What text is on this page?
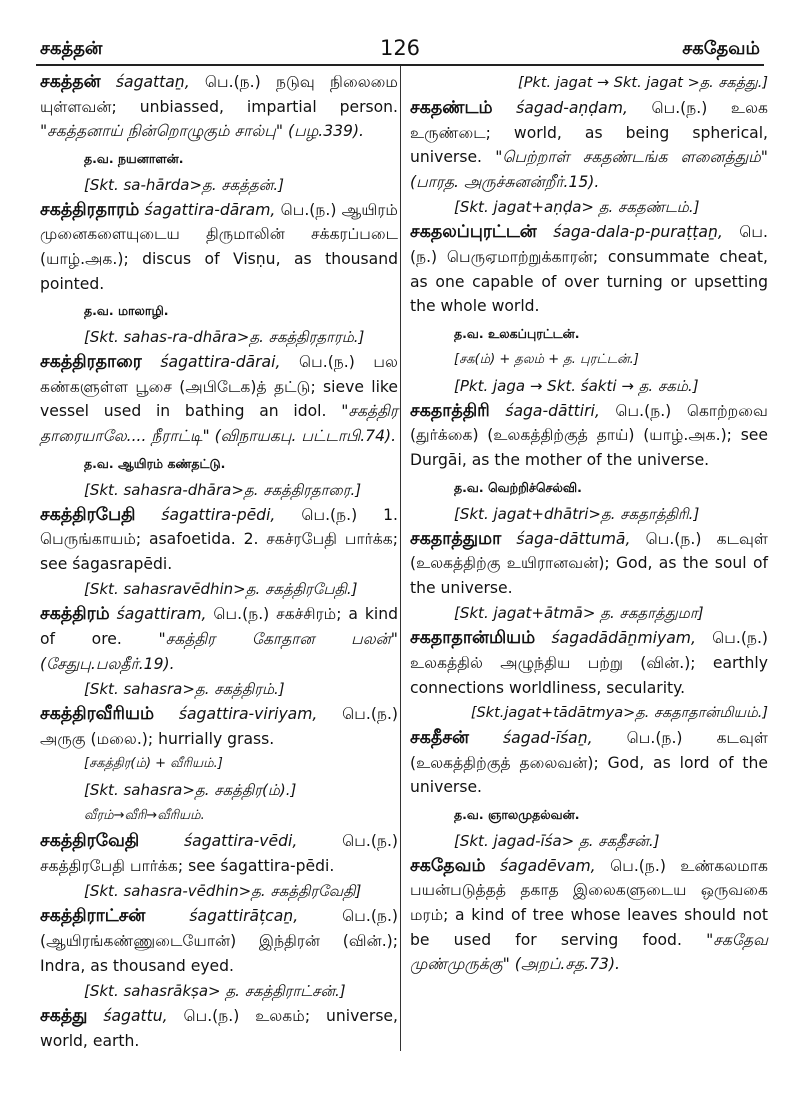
சகத்தன்	126	சகதேவம்

சகத்தன் śagattaṉ, பெ.(ந.) நடுவு நிலைமை யுள்ளவன்; unbiassed, impartial person. "சகத்தனாய் நின்றொழுகும் சால்பு" (பழ.339).

த.வ. நயனாளன்.
[Skt. sa-hārda>த. சகத்தன்.]

சகத்திரதாரம் śagattira-dāram, பெ.(ந.) ஆயிரம் முனைகளையுடைய திருமாலின் சக்கரப்படை (யாழ்.அக.); discus of Visṇu, as thousand pointed.

த.வ. மாலாழி.
[Skt. sahas-ra-dhāra>த. சகத்திரதாரம்.]

சகத்திரதாரை śagattira-dārai, பெ.(ந.) பல கண்களுள்ள பூசை (அபிடேக)த் தட்டு; sieve like vessel used in bathing an idol. "சகத்திர தாரையாலே.... நீராட்டி" (விநாயகபு. பட்டாபி.74).

த.வ. ஆயிரம் கண்தட்டு.
[Skt. sahasra-dhāra>த. சகத்திரதாரை.]

சகத்திரபேதி śagattira-pēdi, பெ.(ந.) 1. பெருங்காயம்; asafoetida. 2. சகச்ரபேதி பார்க்க; see śagasrapēdi.

[Skt. sahasravēdhin>த. சகத்திரபேதி.]

சகத்திரம் śagattiram, பெ.(ந.) சகச்சிரம்; a kind of ore. "சகத்திர கோதான பலன்" (சேதுபு.பலதீர்.19).

[Skt. sahasra>த. சகத்திரம்.]

சகத்திரவீரியம் śagattira-viriyam, பெ.(ந.) அருகு (மலை.); hurrially grass.

[சகத்திர(ம்) + வீரியம்.]
[Skt. sahasra>த. சகத்திர(ம்).]
வீரம்→வீரி→வீரியம்.

சகத்திரவேதி	śagattira-vēdi,	பெ.(ந.) சகத்திரபேதி பார்க்க; see śagattira-pēdi.

[Skt. sahasra-vēdhin>த. சகத்திரவேதி]

சகத்திராட்சன்	śagattirāțcaṉ,	பெ.(ந.) (ஆயிரங்கண்ணுடையோன்) இந்திரன் (வின்.); Indra, as thousand eyed.

[Skt. sahasrākṣa> த. சகத்திராட்சன்.]

சகத்து śagattu, பெ.(ந.) உலகம்; universe, world, earth.

[Pkt. jagat → Skt. jagat >த. சகத்து.]

சகதண்டம் śagad-aṇḍam, பெ.(ந.) உலக உருண்டை; world, as being spherical, universe. "பெற்றாள் சகதண்டங்க ளனைத்தும்" (பாரத. அருச்சுனன்றீர்.15).

[Skt. jagat+aṇḍa> த. சகதண்டம்.]

சகதலப்புரட்டன் śaga-dala-p-puraṭṭaṉ, பெ.(ந.) பெருஏமாற்றுக்காரன்; consummate cheat, as one capable of over turning or upsetting the whole world.

த.வ. உலகப்புரட்டன்.
[சக(ம்) + தலம் + த. புரட்டன்.]
[Pkt. jaga → Skt. śakti → த. சகம்.]

சகதாத்திரி śaga-dāttiri, பெ.(ந.) கொற்றவை (துர்க்கை) (உலகத்திற்குத் தாய்) (யாழ்.அக.); see Durgāi, as the mother of the universe.

த.வ. வெற்றிச்செல்வி.
[Skt. jagat+dhātri>த. சகதாத்திரி.]

சகதாத்துமா śaga-dāttumā, பெ.(ந.) கடவுள் (உலகத்திற்கு உயிரானவன்); God, as the soul of the universe.

[Skt. jagat+ātmā> த. சகதாத்துமா]

சகதாதான்மியம் śagadādāṉmiyam, பெ.(ந.) உலகத்தில் அழுந்திய பற்று (வின்.); earthly connections worldliness, secularity.

[Skt.jagat+tādātmya>த. சகதாதான்மியம்.]

சகதீசன் śagad-īśaṉ, பெ.(ந.) கடவுள் (உலகத்திற்குத் தலைவன்); God, as lord of the universe.

த.வ. ஞாலமுதல்வன்.
[Skt. jagad-īśa> த. சகதீசன்.]

சகதேவம் śagadēvam, பெ.(ந.) உண்கலமாக பயன்படுத்தத் தகாத இலைகளுடைய ஒருவகை மரம்; a kind of tree whose leaves should not be used for serving food. "சகதேவ முண்முருக்கு" (அறப்.சத.73).
